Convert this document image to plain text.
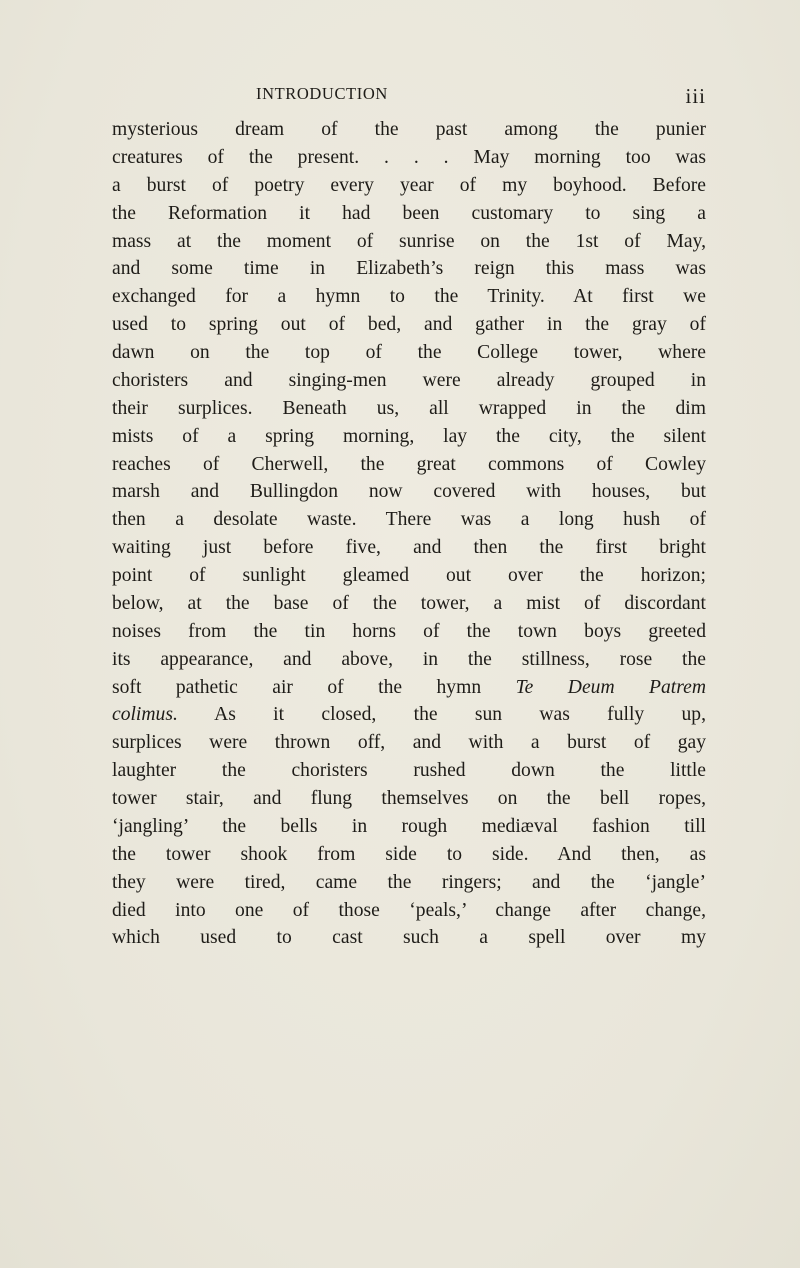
INTRODUCTION	iii
mysterious dream of the past among the punier
creatures of the present. . . . May morning too was
a burst of poetry every year of my boyhood. Before
the Reformation it had been customary to sing a
mass at the moment of sunrise on the 1st of May,
and some time in Elizabeth’s reign this mass was
exchanged for a hymn to the Trinity. At first we
used to spring out of bed, and gather in the gray of
dawn on the top of the College tower, where
choristers and singing-men were already grouped in
their surplices. Beneath us, all wrapped in the dim
mists of a spring morning, lay the city, the silent
reaches of Cherwell, the great commons of Cowley
marsh and Bullingdon now covered with houses, but
then a desolate waste. There was a long hush of
waiting just before five, and then the first bright
point of sunlight gleamed out over the horizon;
below, at the base of the tower, a mist of discordant
noises from the tin horns of the town boys greeted
its appearance, and above, in the stillness, rose the
soft pathetic air of the hymn Te Deum Patrem
colimus. As it closed, the sun was fully up,
surplices were thrown off, and with a burst of gay
laughter the choristers rushed down the little
tower stair, and flung themselves on the bell ropes,
‘jangling’ the bells in rough mediæval fashion till
the tower shook from side to side. And then, as
they were tired, came the ringers; and the ‘jangle’
died into one of those ‘peals,’ change after change,
which used to cast such a spell over my
